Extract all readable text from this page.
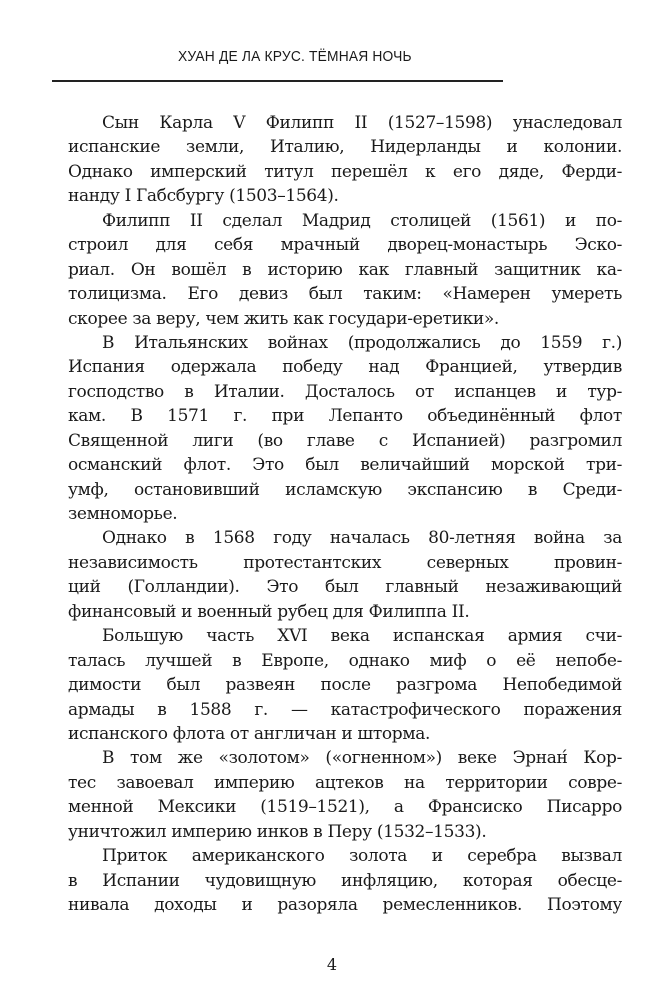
ХУАН ДЕ ЛА КРУС. ТЁМНАЯ НОЧЬ
Сын Карла V Филипп II (1527–1598) унаследовал
испанские земли, Италию, Нидерланды и колонии.
Однако имперский титул перешёл к его дяде, Ферди-
нанду I Габсбургу (1503–1564).
Филипп II сделал Мадрид столицей (1561) и по-
строил для себя мрачный дворец-монастырь Эско-
риал. Он вошёл в историю как главный защитник ка-
толицизма. Его девиз был таким: «Намерен умереть
скорее за веру, чем жить как государи-еретики».
В Итальянских войнах (продолжались до 1559 г.)
Испания одержала победу над Францией, утвердив
господство в Италии. Досталось от испанцев и тур-
кам. В 1571 г. при Лепанто объединённый флот
Священной лиги (во главе с Испанией) разгромил
османский флот. Это был величайший морской три-
умф, остановивший исламскую экспансию в Среди-
земноморье.
Однако в 1568 году началась 80-летняя война за
независимость протестантских северных провин-
ций (Голландии). Это был главный незаживающий
финансовый и военный рубец для Филиппа II.
Большую часть XVI века испанская армия счи-
талась лучшей в Европе, однако миф о её непобе-
димости был развеян после разгрома Непобедимой
армады в 1588 г. — катастрофического поражения
испанского флота от англичан и шторма.
В том же «золотом» («огненном») веке Эрнан́ Кор-
тес завоевал империю ацтеков на территории совре-
менной Мексики (1519–1521), а Франсиско Писарро
уничтожил империю инков в Перу (1532–1533).
Приток американского золота и серебра вызвал
в Испании чудовищную инфляцию, которая обесце-
нивала доходы и разоряла ремесленников. Поэтому
4
